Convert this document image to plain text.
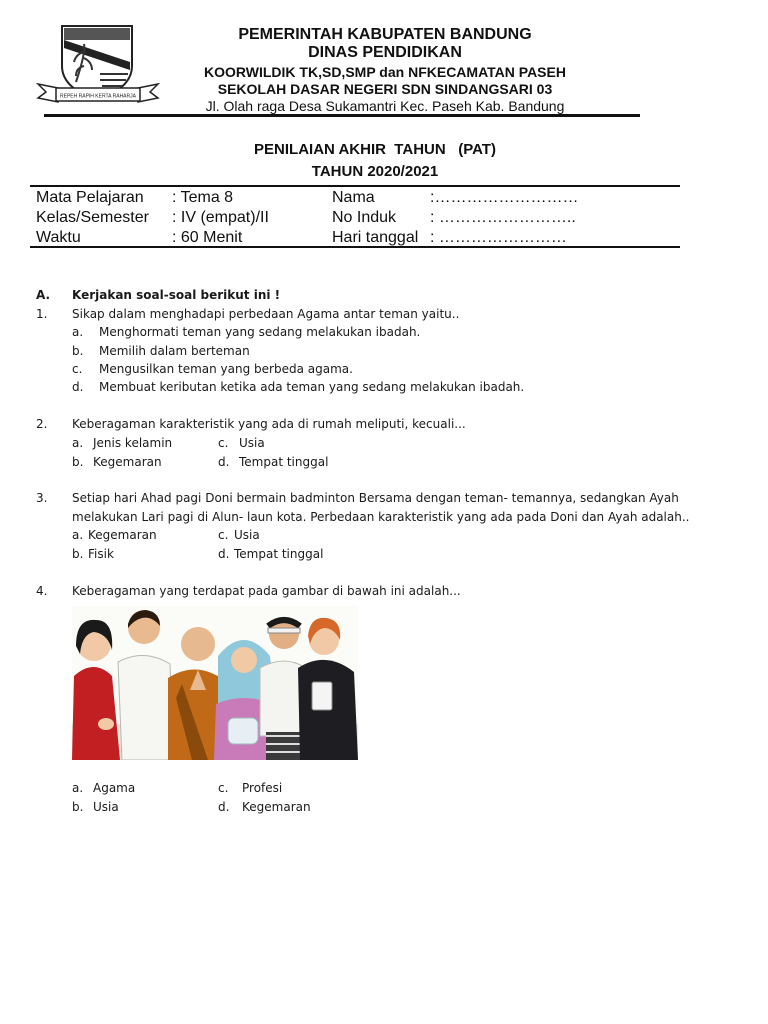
REPEH RAPIH KERTA RAHARJA
PEMERINTAH KABUPATEN BANDUNG
DINAS PENDIDIKAN
KOORWILDIK TK,SD,SMP dan NFKECAMATAN PASEH
SEKOLAH DASAR NEGERI SDN SINDANGSARI 03
Jl. Olah raga Desa Sukamantri Kec. Paseh Kab. Bandung
PENILAIAN AKHIR  TAHUN   (PAT)
TAHUN 2020/2021
Mata Pelajaran : Tema 8	Nama	:………………………
Kelas/Semester : IV (empat)/II	No Induk : ……………………..
Waktu	: 60 Menit	Hari tanggal : ……………………
A. Kerjakan soal-soal berikut ini !
1. Sikap dalam menghadapi perbedaan Agama antar teman yaitu..
a. Menghormati teman yang sedang melakukan ibadah.
b. Memilih dalam berteman
c. Mengusilkan teman yang berbeda agama.
d. Membuat keributan ketika ada teman yang sedang melakukan ibadah.
2. Keberagaman karakteristik yang ada di rumah meliputi, kecuali...
a. Jenis kelamin	c. Usia
b. Kegemaran	d. Tempat tinggal
3. Setiap hari Ahad pagi Doni bermain badminton Bersama dengan teman- temannya, sedangkan Ayah
melakukan Lari pagi di Alun- laun kota. Perbedaan karakteristik yang ada pada Doni dan Ayah adalah..
a. Kegemaran	c. Usia
b. Fisik	d. Tempat tinggal
4. Keberagaman yang terdapat pada gambar di bawah ini adalah...
a. Agama	c. Profesi
b. Usia	d. Kegemaran
